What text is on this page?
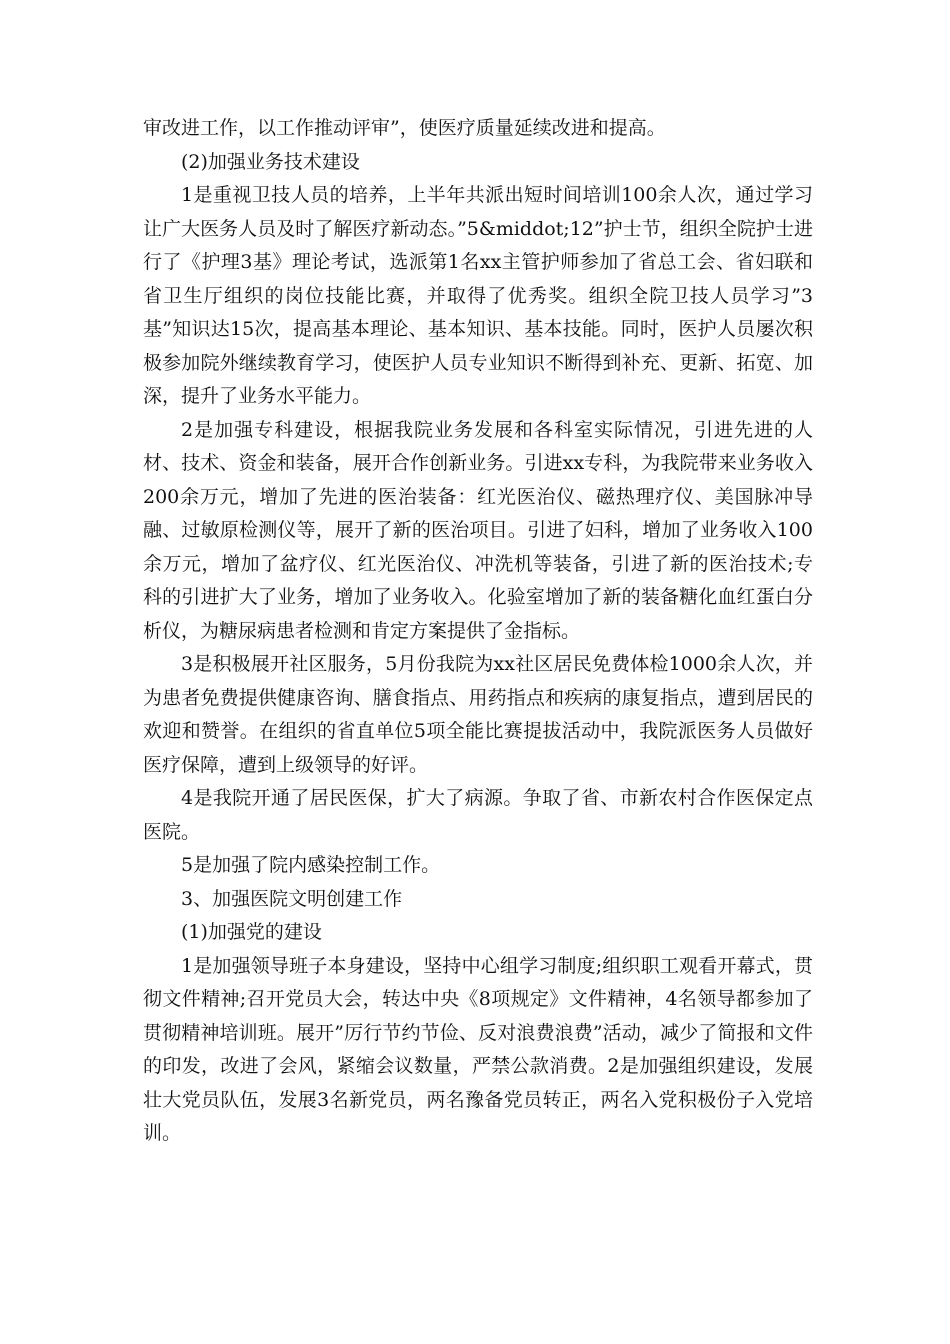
审改进工作，以工作推动评审”，使医疗质量延续改进和提高。

(2)加强业务技术建设

1是重视卫技人员的培养，上半年共派出短时间培训100余人次，通过学习让广大医务人员及时了解医疗新动态。”5&middot;12”护士节，组织全院护士进行了《护理3基》理论考试，选派第1名xx主管护师参加了省总工会、省妇联和省卫生厅组织的岗位技能比赛，并取得了优秀奖。组织全院卫技人员学习”3基”知识达15次，提高基本理论、基本知识、基本技能。同时，医护人员屡次积极参加院外继续教育学习，使医护人员专业知识不断得到补充、更新、拓宽、加深，提升了业务水平能力。

2是加强专科建设，根据我院业务发展和各科室实际情况，引进先进的人材、技术、资金和装备，展开合作创新业务。引进xx专科，为我院带来业务收入200余万元，增加了先进的医治装备：红光医治仪、磁热理疗仪、美国脉冲导融、过敏原检测仪等，展开了新的医治项目。引进了妇科，增加了业务收入100余万元，增加了盆疗仪、红光医治仪、冲洗机等装备，引进了新的医治技术;专科的引进扩大了业务，增加了业务收入。化验室增加了新的装备糖化血红蛋白分析仪，为糖尿病患者检测和肯定方案提供了金指标。

3是积极展开社区服务，5月份我院为xx社区居民免费体检1000余人次，并为患者免费提供健康咨询、膳食指点、用药指点和疾病的康复指点，遭到居民的欢迎和赞誉。在组织的省直单位5项全能比赛提拔活动中，我院派医务人员做好医疗保障，遭到上级领导的好评。

4是我院开通了居民医保，扩大了病源。争取了省、市新农村合作医保定点医院。

5是加强了院内感染控制工作。

3、加强医院文明创建工作

(1)加强党的建设

1是加强领导班子本身建设，坚持中心组学习制度;组织职工观看开幕式，贯彻文件精神;召开党员大会，转达中央《8项规定》文件精神，4名领导都参加了贯彻精神培训班。展开”厉行节约节俭、反对浪费浪费”活动，减少了简报和文件的印发，改进了会风，紧缩会议数量，严禁公款消费。2是加强组织建设，发展壮大党员队伍，发展3名新党员，两名豫备党员转正，两名入党积极份子入党培训。
